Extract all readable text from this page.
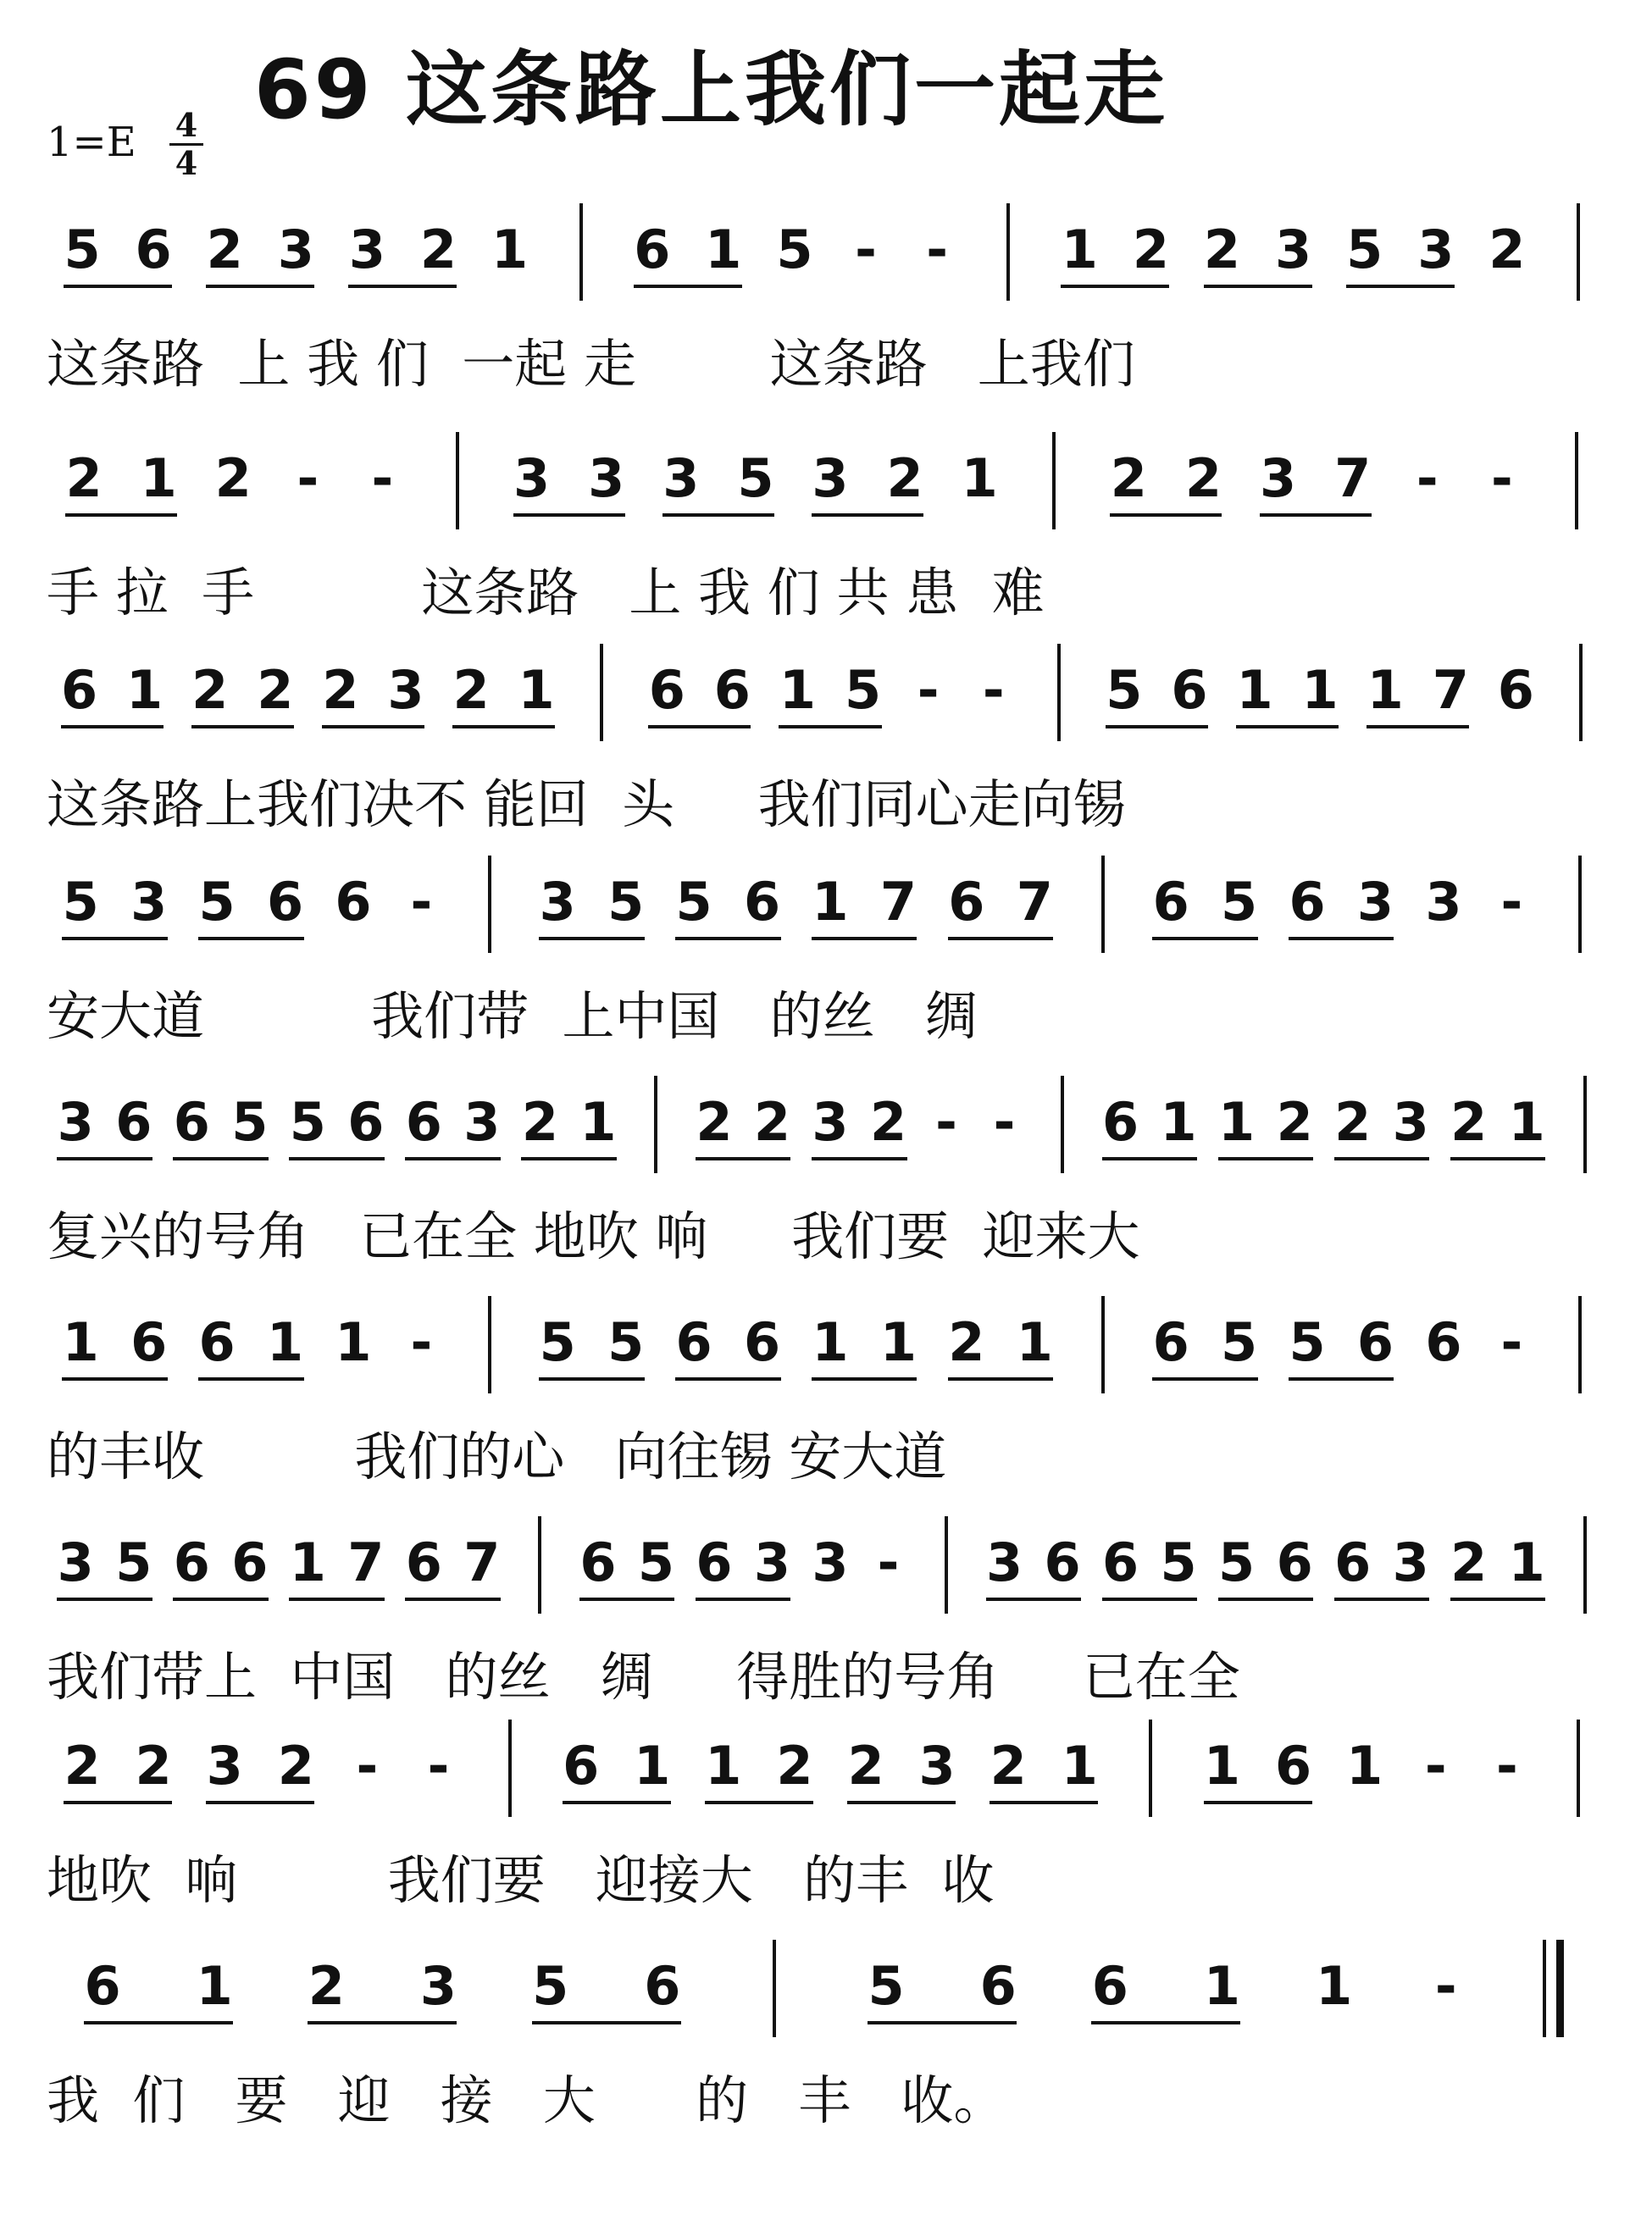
69 这条路上我们一起走
1=E 4
4
5 6 2 3 3 2 1 6 1 5 - - 1 2 2 3 5 3 2
这条路  上 我 们  一起 走        这条路   上我们
2 1 2 - - 3 3 3 5 3 2 1 2 2 3 7 - -
手 拉  手          这条路   上 我 们 共 患  难
6 1 2 2 2 3 2 1 6 6 1 5 - - 5 6 1 1 1 7 6
这条路上我们决不 能回  头     我们同心走向锡
5 3 5 6 6 - 3 5 5 6 1 7 6 7 6 5 6 3 3 -
安大道          我们带  上中国   的丝   绸
3 6 6 5 5 6 6 3 2 1 2 2 3 2 - - 6 1 1 2 2 3 2 1
复兴的号角   已在全 地吹 响     我们要  迎来大
1 6 6 1 1 - 5 5 6 6 1 1 2 1 6 5 5 6 6 -
的丰收         我们的心   向往锡 安大道
3 5 6 6 1 7 6 7 6 5 6 3 3 - 3 6 6 5 5 6 6 3 2 1
我们带上  中国   的丝   绸     得胜的号角     已在全
2 2 3 2 - - 6 1 1 2 2 3 2 1 1 6 1 - -
地吹  响         我们要   迎接大   的丰  收
6 1 2 3 5 6	5 6 6 1 1 -
我  们   要   迎   接   大      的   丰   收。
